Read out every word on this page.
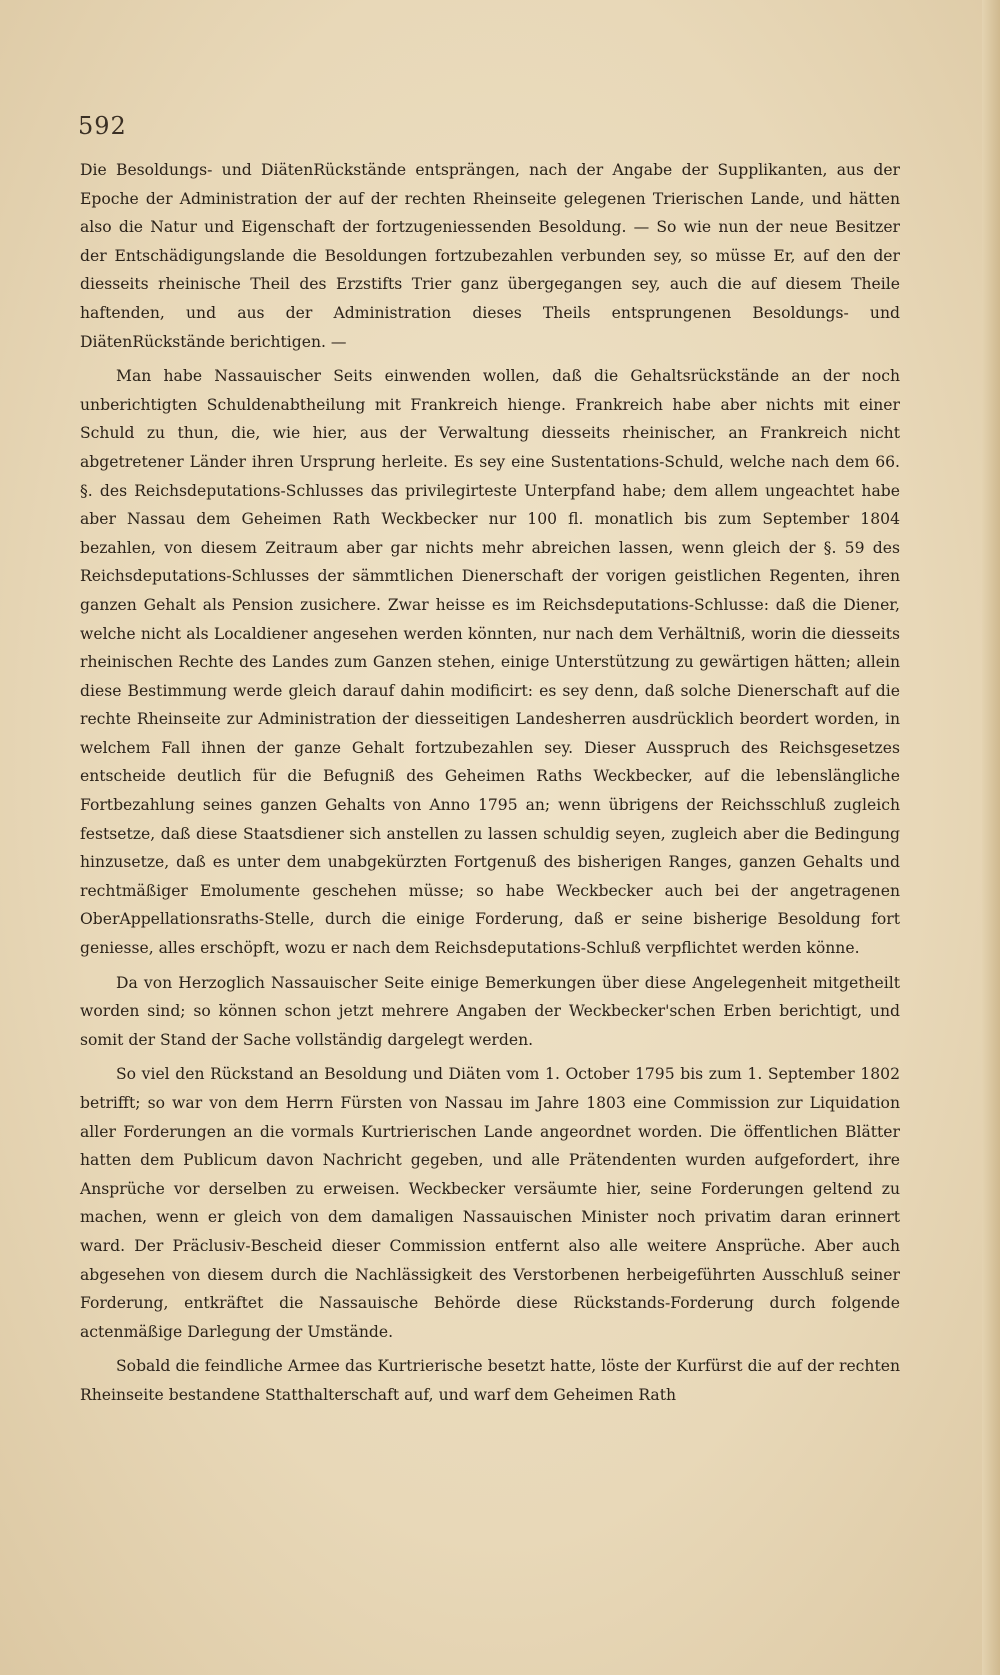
592

Die Besoldungs- und DiätenRückstände entsprängen, nach der Angabe der Supplikanten, aus der Epoche der Administration der auf der rechten Rheinseite gelegenen Trierischen Lande, und hätten also die Natur und Eigenschaft der fortzugeniessenden Besoldung. — So wie nun der neue Besitzer der Entschädigungslande die Besoldungen fortzubezahlen verbunden sey, so müsse Er, auf den der diesseits rheinische Theil des Erzstifts Trier ganz übergegangen sey, auch die auf diesem Theile haftenden, und aus der Administration dieses Theils entsprungenen Besoldungs- und DiätenRückstände berichtigen. —

Man habe Nassauischer Seits einwenden wollen, daß die Gehaltsrückstände an der noch unberichtigten Schuldenabtheilung mit Frankreich hienge. Frankreich habe aber nichts mit einer Schuld zu thun, die, wie hier, aus der Verwaltung diesseits rheinischer, an Frankreich nicht abgetretener Länder ihren Ursprung herleite. Es sey eine Sustentations-Schuld, welche nach dem 66. §. des Reichsdeputations-Schlusses das privilegirteste Unterpfand habe; dem allem ungeachtet habe aber Nassau dem Geheimen Rath Weckbecker nur 100 fl. monatlich bis zum September 1804 bezahlen, von diesem Zeitraum aber gar nichts mehr abreichen lassen, wenn gleich der §. 59 des Reichsdeputations-Schlusses der sämmtlichen Dienerschaft der vorigen geistlichen Regenten, ihren ganzen Gehalt als Pension zusichere. Zwar heisse es im Reichsdeputations-Schlusse: daß die Diener, welche nicht als Localdiener angesehen werden könnten, nur nach dem Verhältniß, worin die diesseits rheinischen Rechte des Landes zum Ganzen stehen, einige Unterstützung zu gewärtigen hätten; allein diese Bestimmung werde gleich darauf dahin modificirt: es sey denn, daß solche Dienerschaft auf die rechte Rheinseite zur Administration der diesseitigen Landesherren ausdrücklich beordert worden, in welchem Fall ihnen der ganze Gehalt fortzubezahlen sey. Dieser Ausspruch des Reichsgesetzes entscheide deutlich für die Befugniß des Geheimen Raths Weckbecker, auf die lebenslängliche Fortbezahlung seines ganzen Gehalts von Anno 1795 an; wenn übrigens der Reichsschluß zugleich festsetze, daß diese Staatsdiener sich anstellen zu lassen schuldig seyen, zugleich aber die Bedingung hinzusetze, daß es unter dem unabgekürzten Fortgenuß des bisherigen Ranges, ganzen Gehalts und rechtmäßiger Emolumente geschehen müsse; so habe Weckbecker auch bei der angetragenen OberAppellationsraths-Stelle, durch die einige Forderung, daß er seine bisherige Besoldung fort geniesse, alles erschöpft, wozu er nach dem Reichsdeputations-Schluß verpflichtet werden könne.

Da von Herzoglich Nassauischer Seite einige Bemerkungen über diese Angelegenheit mitgetheilt worden sind; so können schon jetzt mehrere Angaben der Weckbecker'schen Erben berichtigt, und somit der Stand der Sache vollständig dargelegt werden.

So viel den Rückstand an Besoldung und Diäten vom 1. October 1795 bis zum 1. September 1802 betrifft; so war von dem Herrn Fürsten von Nassau im Jahre 1803 eine Commission zur Liquidation aller Forderungen an die vormals Kurtrierischen Lande angeordnet worden. Die öffentlichen Blätter hatten dem Publicum davon Nachricht gegeben, und alle Prätendenten wurden aufgefordert, ihre Ansprüche vor derselben zu erweisen. Weckbecker versäumte hier, seine Forderungen geltend zu machen, wenn er gleich von dem damaligen Nassauischen Minister noch privatim daran erinnert ward. Der Präclusiv-Bescheid dieser Commission entfernt also alle weitere Ansprüche. Aber auch abgesehen von diesem durch die Nachlässigkeit des Verstorbenen herbeigeführten Ausschluß seiner Forderung, entkräftet die Nassauische Behörde diese Rückstands-Forderung durch folgende actenmäßige Darlegung der Umstände.

Sobald die feindliche Armee das Kurtrierische besetzt hatte, löste der Kurfürst die auf der rechten Rheinseite bestandene Statthalterschaft auf, und warf dem Geheimen Rath
